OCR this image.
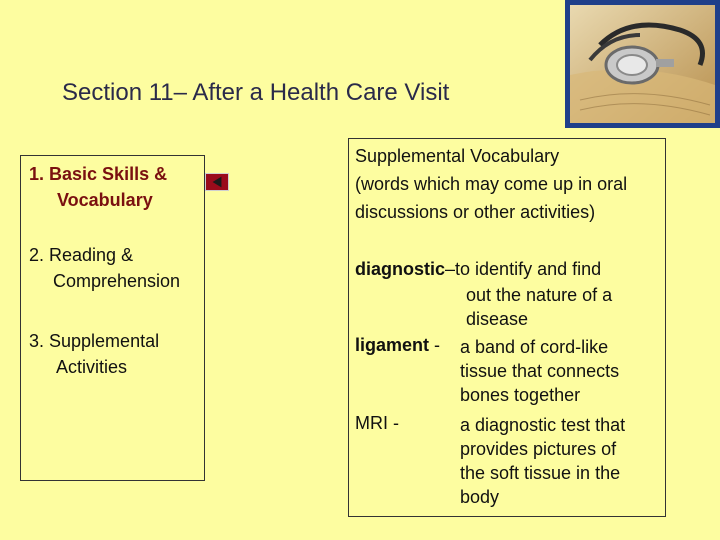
Section 11– After a Health Care Visit
1. Basic Skills &
Vocabulary
2. Reading &
Comprehension
3. Supplemental
Activities
Supplemental Vocabulary
(words which may come up in oral
discussions or other activities)
diagnostic–to identify and find
out the nature of a
disease
ligament - a band of cord-like
tissue that connects
bones together
MRI -	a diagnostic test that
provides pictures of
the soft tissue in the
body
